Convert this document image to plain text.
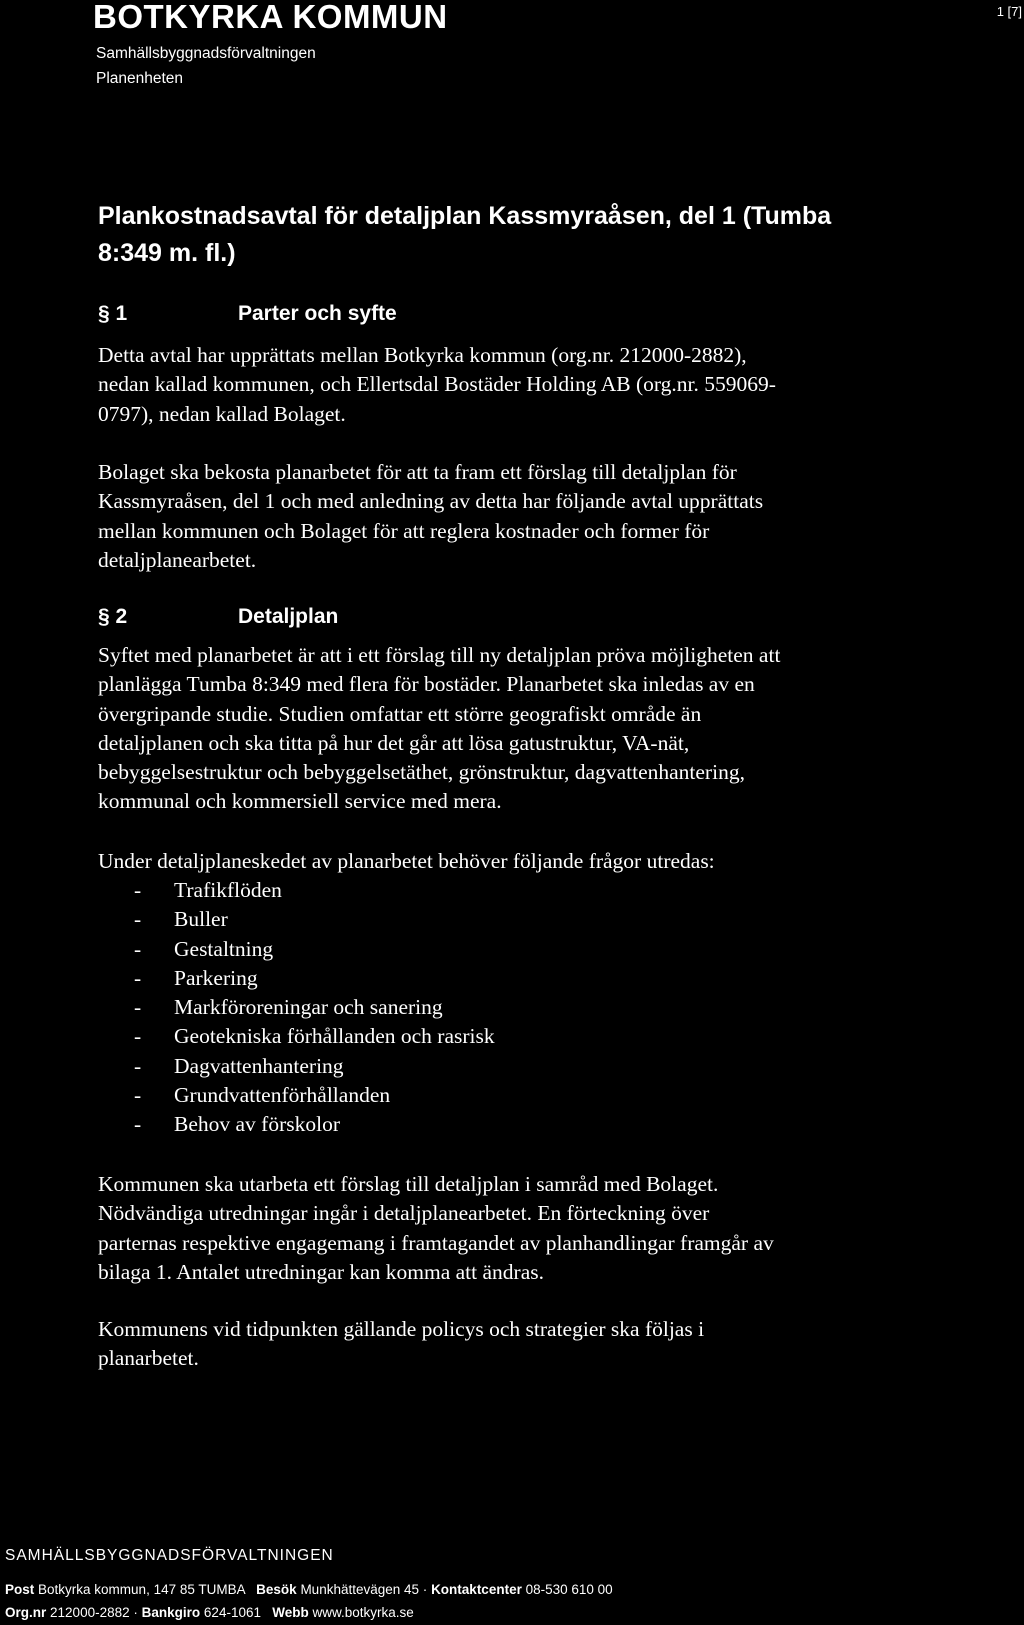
BOTKYRKA KOMMUN
Samhällsbyggnadsförvaltningen
Planenheten
1 [7]
Plankostnadsavtal för detaljplan Kassmyraåsen, del 1 (Tumba
8:349 m. fl.)
§ 1	Parter och syfte
Detta avtal har upprättats mellan Botkyrka kommun (org.nr. 212000-2882),
nedan kallad kommunen, och Ellertsdal Bostäder Holding AB (org.nr. 559069-
0797), nedan kallad Bolaget.
Bolaget ska bekosta planarbetet för att ta fram ett förslag till detaljplan för
Kassmyraåsen, del 1 och med anledning av detta har följande avtal upprättats
mellan kommunen och Bolaget för att reglera kostnader och former för
detaljplanearbetet.
§ 2	Detaljplan
Syftet med planarbetet är att i ett förslag till ny detaljplan pröva möjligheten att
planlägga Tumba 8:349 med flera för bostäder. Planarbetet ska inledas av en
övergripande studie. Studien omfattar ett större geografiskt område än
detaljplanen och ska titta på hur det går att lösa gatustruktur, VA-nät,
bebyggelsestruktur och bebyggelsetäthet, grönstruktur, dagvattenhantering,
kommunal och kommersiell service med mera.
Under detaljplaneskedet av planarbetet behöver följande frågor utredas:
- Trafikflöden
- Buller
- Gestaltning
- Parkering
- Markföroreningar och sanering
- Geotekniska förhållanden och rasrisk
- Dagvattenhantering
- Grundvattenförhållanden
- Behov av förskolor
Kommunen ska utarbeta ett förslag till detaljplan i samråd med Bolaget.
Nödvändiga utredningar ingår i detaljplanearbetet. En förteckning över
parternas respektive engagemang i framtagandet av planhandlingar framgår av
bilaga 1. Antalet utredningar kan komma att ändras.
Kommunens vid tidpunkten gällande policys och strategier ska följas i
planarbetet.
SAMHÄLLSBYGGNADSFÖRVALTNINGEN
Post Botkyrka kommun, 147 85 TUMBA Besök Munkhättevägen 45 · Kontaktcenter 08-530 610 00
Org.nr 212000-2882 · Bankgiro 624-1061 Webb www.botkyrka.se
